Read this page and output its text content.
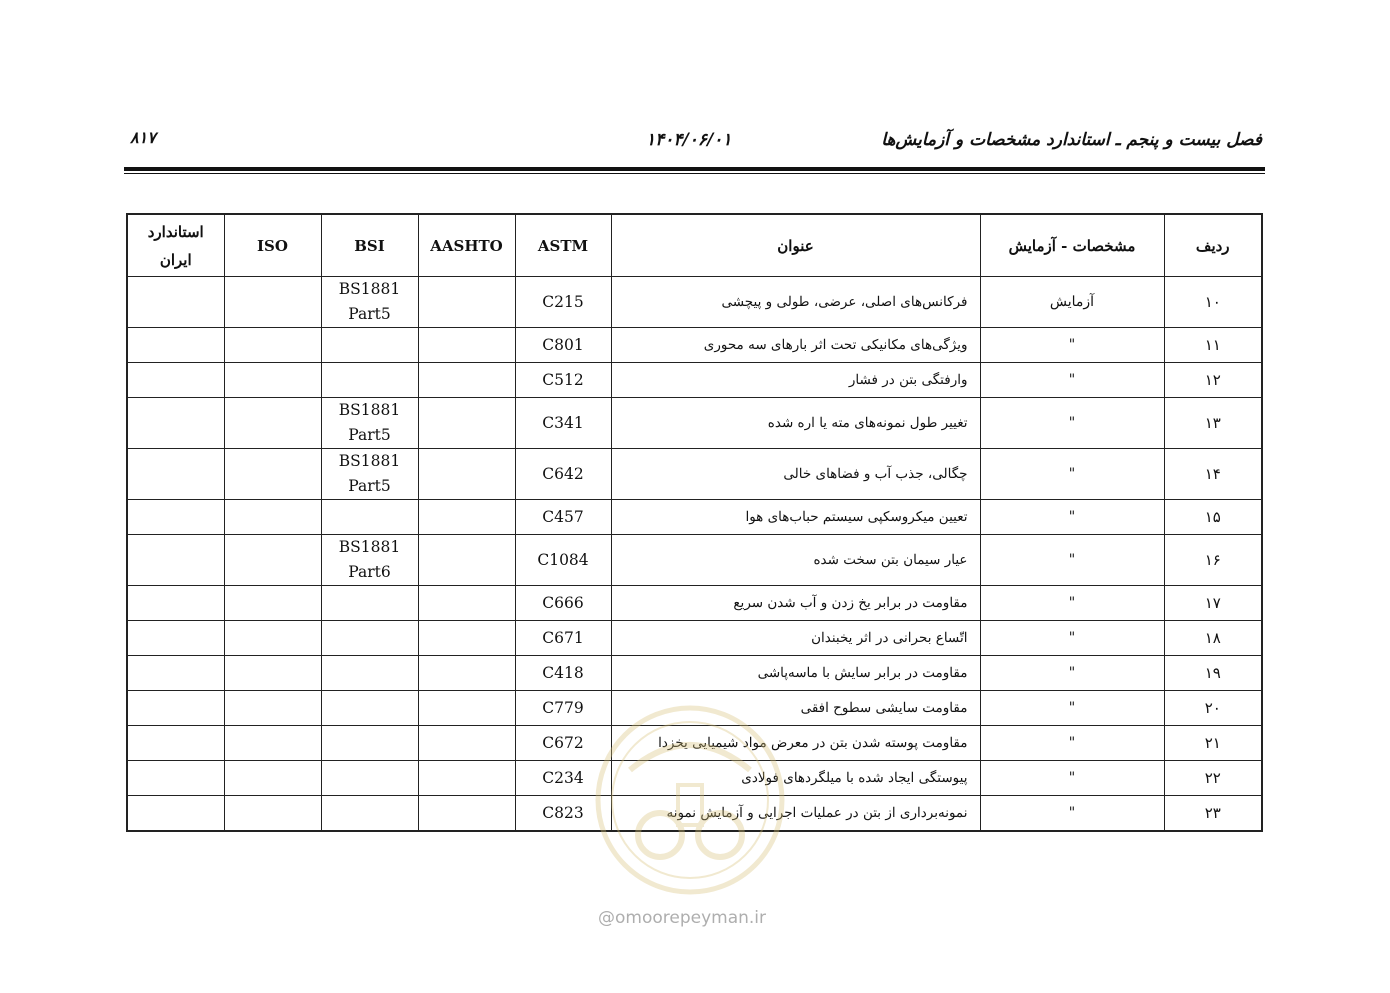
۸۱۷	۱۴۰۴/۰۶/۰۱	فصل بیست و پنجم ـ استاندارد مشخصات و آزمایش‌ها
ردیف	مشخصات - آزمایش	عنوان	ASTM	AASHTO	BSI	ISO	استاندارد
ایران

۱۰	آزمایش	فرکانس‌های اصلی، عرضی، طولی و پیچشی	C215		BS1881
Part5		

۱۱	"	ویژگی‌های مکانیکی تحت اثر بارهای سه محوری	C801				
۱۲	"	وارفتگی بتن در فشار	C512				
۱۳	"	تغییر طول نمونه‌های مته یا اره شده	C341		BS1881
Part5		

۱۴	"	چگالی، جذب آب و فضاهای خالی	C642		BS1881
Part5		

۱۵	"	تعیین میکروسکپی سیستم حباب‌های هوا	C457				
۱۶	"	عیار سیمان بتن سخت شده	C1084		BS1881
Part6		

۱۷	"	مقاومت در برابر یخ زدن و آب شدن سریع	C666				
۱۸	"	اتّساع بحرانی در اثر یخبندان	C671				
۱۹	"	مقاومت در برابر سایش با ماسه‌پاشی	C418				
۲۰	"	مقاومت سایشی سطوح افقی	C779				
۲۱	"	مقاومت پوسته شدن بتن در معرض مواد شیمیایی یخزدا	C672				
۲۲	"	پیوستگی ایجاد شده با میلگردهای فولادی	C234				
۲۳	"	نمونه‌برداری از بتن در عملیات اجرایی و آزمایش نمونه	C823				
@omoorepeyman.ir
